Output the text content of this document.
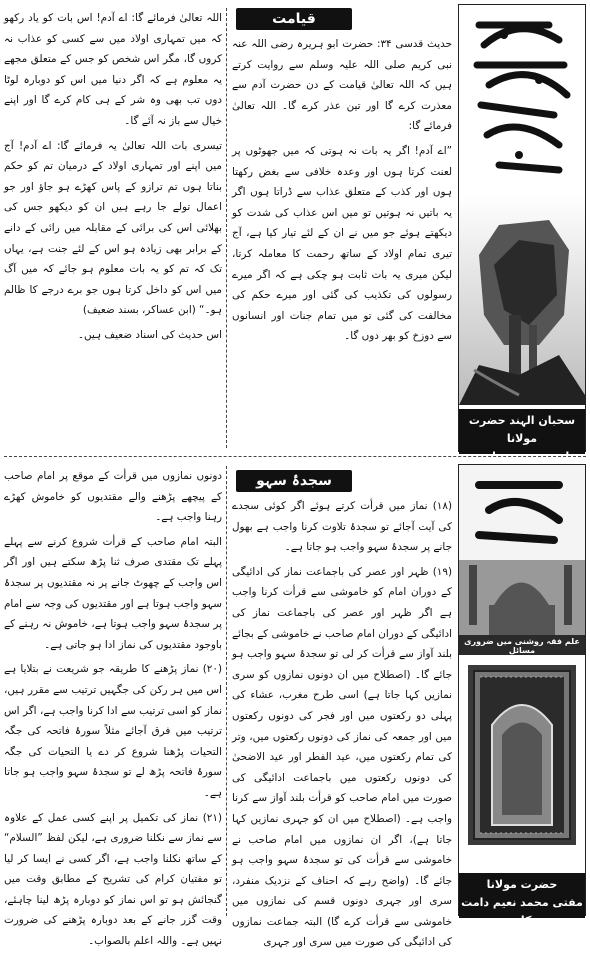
سحبان الہند حضرت مولانا
احمد سعید دہلوی
قیامت

حدیث قدسی ۳۴: حضرت ابو ہریرہ رضی اللہ عنہ نبی کریم صلی اللہ علیہ وسلم سے روایت کرتے ہیں کہ اللہ تعالیٰ قیامت کے دن حضرت آدم سے معذرت کرے گا اور تین عذر کرے گا۔ اللہ تعالیٰ فرمائے گا:

”اے آدم! اگر یہ بات نہ ہوتی کہ میں جھوٹوں پر لعنت کرتا ہوں اور وعدہ خلافی سے بغض رکھتا ہوں اور کذب کے متعلق عذاب سے ڈراتا ہوں اگر یہ باتیں نہ ہوتیں تو میں اس عذاب کی شدت کو دیکھتے ہوئے جو میں نے ان کے لئے تیار کیا ہے، آج تیری تمام اولاد کے ساتھ رحمت کا معاملہ کرتا، لیکن میری یہ بات ثابت ہو چکی ہے کہ اگر میرے رسولوں کی تکذیب کی گئی اور میرے حکم کی مخالفت کی گئی تو میں تمام جنات اور انسانوں سے دوزخ کو بھر دوں گا۔

اللہ تعالیٰ فرمائے گا: اے آدم! اس بات کو یاد رکھو کہ میں تمہاری اولاد میں سے کسی کو عذاب نہ کروں گا، مگر اس شخص کو جس کے متعلق مجھے یہ معلوم ہے کہ اگر دنیا میں اس کو دوبارہ لوٹا دوں تب بھی وہ شر کے ہی کام کرے گا اور اپنے خیال سے باز نہ آئے گا۔

تیسری بات اللہ تعالیٰ یہ فرمائے گا: اے آدم! آج میں اپنے اور تمہاری اولاد کے درمیان تم کو حکم بناتا ہوں تم ترازو کے پاس کھڑے ہو جاؤ اور جو اعمال تولے جا رہے ہیں ان کو دیکھو جس کی بھلائی اس کی برائی کے مقابلہ میں رائی کے دانے کے برابر بھی زیادہ ہو اس کے لئے جنت ہے، یہاں تک کہ تم کو یہ بات معلوم ہو جائے کہ میں آگ میں اس کو داخل کرتا ہوں جو برے درجے کا ظالم ہو۔“ (ابن عساکر، بسند ضعیف)

اس حدیث کی اسناد ضعیف ہیں۔

علم فقہ روشنی میں ضروری مسائل
حضرت مولانا
مفتی محمد نعیم دامت برکاتہم
سجدۂ سہو

(۱۸) نماز میں قرأت کرتے ہوئے اگر کوئی سجدے کی آیت آجائے تو سجدۂ تلاوت کرنا واجب ہے بھول جانے پر سجدۂ سہو واجب ہو جاتا ہے۔

(۱۹) ظہر اور عصر کی باجماعت نماز کی ادائیگی کے دوران امام کو خاموشی سے قرأت کرنا واجب ہے اگر ظہر اور عصر کی باجماعت نماز کی ادائیگی کے دوران امام صاحب نے خاموشی کے بجائے بلند آواز سے قرأت کر لی تو سجدۂ سہو واجب ہو جائے گا۔ (اصطلاح میں ان دونوں نمازوں کو سری نمازیں کہا جاتا ہے) اسی طرح مغرب، عشاء کی پہلی دو رکعتوں میں اور فجر کی دونوں رکعتوں میں اور جمعہ کی نماز کی دونوں رکعتوں میں، وتر کی تمام رکعتوں میں، عید الفطر اور عید الاضحیٰ کی دونوں رکعتوں میں باجماعت ادائیگی کی صورت میں امام صاحب کو قرأت بلند آواز سے کرنا واجب ہے۔ (اصطلاح میں ان کو جہری نمازیں کہا جاتا ہے)، اگر ان نمازوں میں امام صاحب نے خاموشی سے قرأت کی تو سجدۂ سہو واجب ہو جائے گا۔ (واضح رہے کہ احناف کے نزدیک منفرد، سری اور جہری دونوں قسم کی نمازوں میں خاموشی سے قرأت کرے گا) البتہ جماعت نمازوں کی ادائیگی کی صورت میں سری اور جہری

دونوں نمازوں میں قرأت کے موقع پر امام صاحب کے پیچھے پڑھنے والے مقتدیوں کو خاموش کھڑے رہنا واجب ہے۔

البتہ امام صاحب کے قرأت شروع کرنے سے پہلے پہلے تک مقتدی صرف ثنا پڑھ سکتے ہیں اور اگر اس واجب کے چھوٹ جانے پر نہ مقتدیوں پر سجدۂ سہو واجب ہوتا ہے اور مقتدیوں کی وجہ سے امام پر سجدۂ سہو واجب ہوتا ہے، خاموش نہ رہنے کے باوجود مقتدیوں کی نماز ادا ہو جاتی ہے۔

(۲۰) نماز پڑھنے کا طریقہ جو شریعت نے بتلایا ہے اس میں ہر رکن کی جگہیں ترتیب سے مقرر ہیں، نماز کو اسی ترتیب سے ادا کرنا واجب ہے، اگر اس ترتیب میں فرق آجائے مثلاً سورۂ فاتحہ کی جگہ التحیات پڑھنا شروع کر دے یا التحیات کی جگہ سورۂ فاتحہ پڑھ لے تو سجدۂ سہو واجب ہو جاتا ہے۔

(۲۱) نماز کی تکمیل پر اپنے کسی عمل کے علاوہ سے نماز سے نکلنا ضروری ہے، لیکن لفظ ”السلام“ کے ساتھ نکلنا واجب ہے، اگر کسی نے ایسا کر لیا تو مفتیان کرام کی تشریح کے مطابق وقت میں گنجائش ہو تو اس نماز کو دوبارہ پڑھ لینا چاہئے، وقت گزر جانے کے بعد دوبارہ پڑھنے کی ضرورت نہیں ہے۔ واللہ اعلم بالصواب۔
